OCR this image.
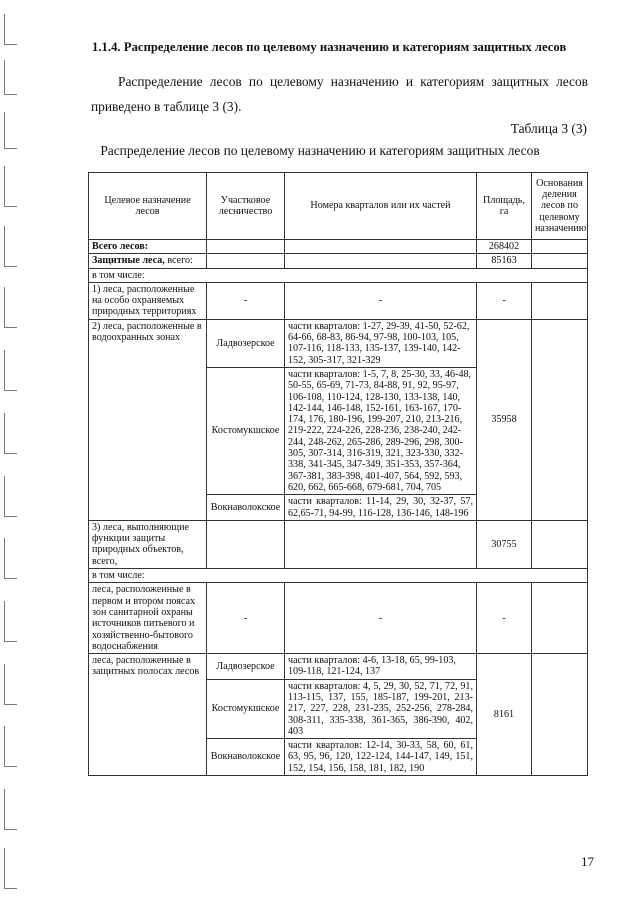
1.1.4. Распределение лесов по целевому назначению и категориям защитных лесов
Распределение лесов по целевому назначению и категориям защитных лесов
приведено в таблице 3 (3).
Таблица 3 (3)
Распределение лесов по целевому назначению и категориям защитных лесов
Целевое назначение лесов	Участковое лесничество	Номера кварталов или их частей	Площадь, га	Основания деления лесов по целевому назначению
Всего лесов:			268402	
Защитные леса, всего:			85163	
в том числе:				
1) леса, расположенные на особо охраняемых природных территориях	-	-	-	
2) леса, расположенные в водоохранных зонах	Ладвозерское	части кварталов: 1-27, 29-39, 41-50, 52-62, 64-66, 68-83, 86-94, 97-98, 100-103, 105, 107-116, 118-133, 135-137, 139-140, 142-152, 305-317, 321-329	35958	
	Костомукшское	части кварталов: 1-5, 7, 8, 25-30, 33, 46-48, 50-55, 65-69, 71-73, 84-88, 91, 92, 95-97, 106-108, 110-124, 128-130, 133-138, 140, 142-144, 146-148, 152-161, 163-167, 170-174, 176, 180-196, 199-207, 210, 213-216, 219-222, 224-226, 228-236, 238-240, 242-244, 248-262, 265-286, 289-296, 298, 300-305, 307-314, 316-319, 321, 323-330, 332-338, 341-345, 347-349, 351-353, 357-364, 367-381, 383-398, 401-407, 564, 592, 593, 620, 662, 665-668, 679-681, 704, 705		
	Вокнаволокское	части кварталов: 11-14, 29, 30, 32-37, 57, 62,65-71, 94-99, 116-128, 136-146, 148-196		
3) леса, выполняющие функции защиты природных объектов, всего,			30755	
в том числе:				
леса, расположенные в первом и втором поясах зон санитарной охраны источников питьевого и хозяйственно-бытового водоснабжения	-	-	-	
леса, расположенные в защитных полосах лесов	Ладвозерское	части кварталов: 4-6, 13-18, 65, 99-103, 109-118, 121-124, 137	8161	
	Костомукшское	части кварталов: 4, 5, 29, 30, 52, 71, 72, 91, 113-115, 137, 155, 185-187, 199-201, 213-217, 227, 228, 231-235, 252-256, 278-284, 308-311, 335-338, 361-365, 386-390, 402, 403		
	Вокнаволокское	части кварталов: 12-14, 30-33, 58, 60, 61, 63, 95, 96, 120, 122-124, 144-147, 149, 151, 152, 154, 156, 158, 181, 182, 190		
17
